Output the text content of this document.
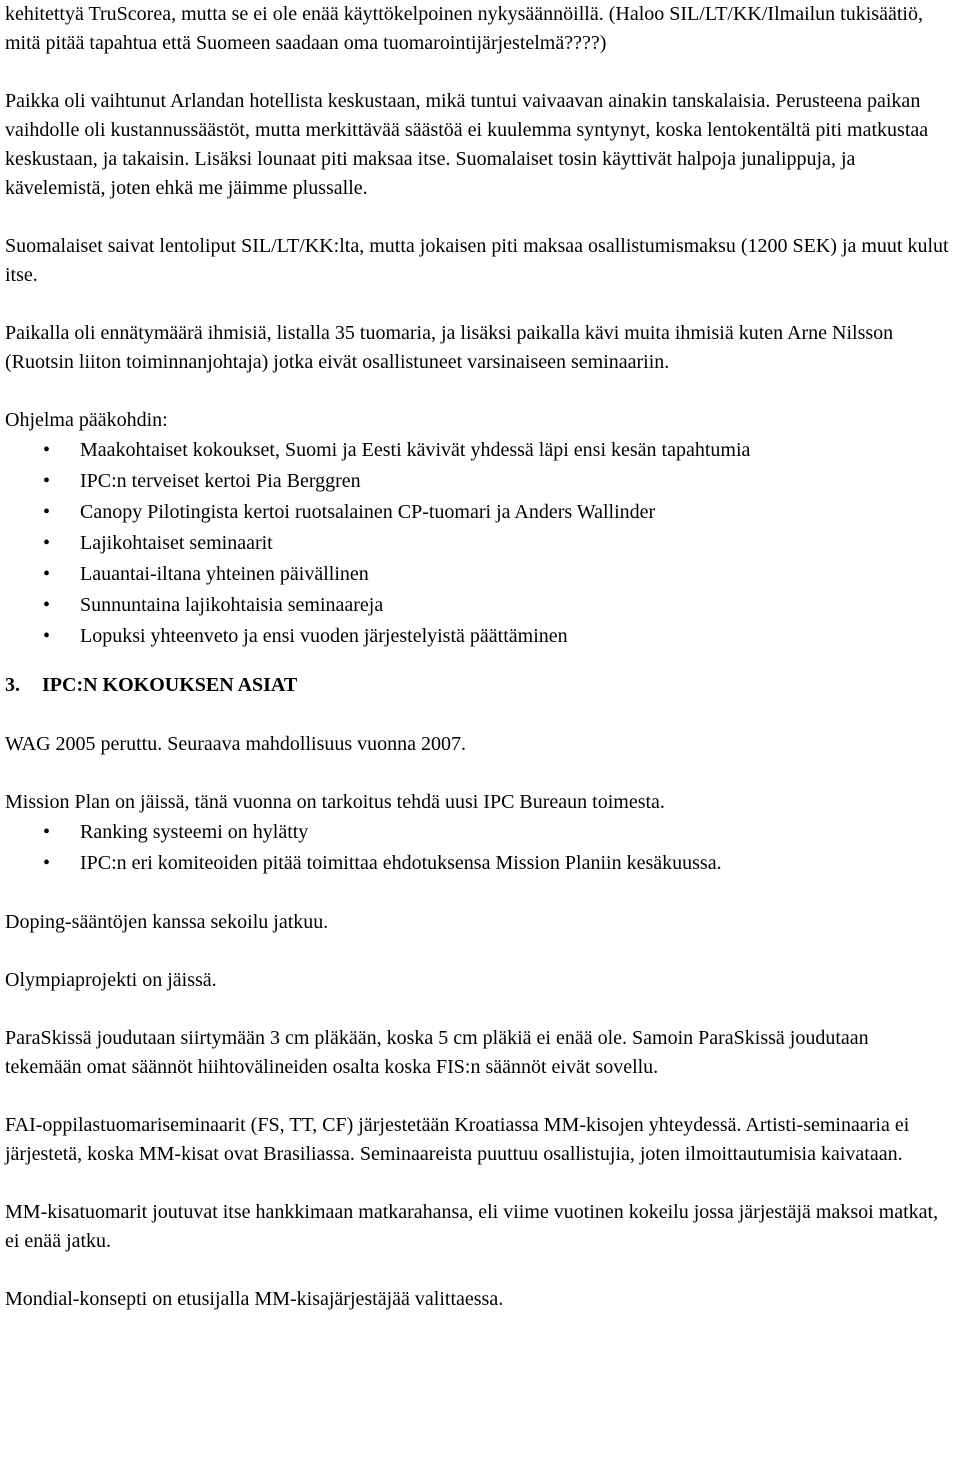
kehitettyä TruScorea, mutta se ei ole enää käyttökelpoinen nykysäännöillä. (Haloo SIL/LT/KK/Ilmailun tukisäätiö, mitä pitää tapahtua että Suomeen saadaan oma tuomarointijärjestelmä????)

Paikka oli vaihtunut Arlandan hotellista keskustaan, mikä tuntui vaivaavan ainakin tanskalaisia. Perusteena paikan vaihdolle oli kustannussäästöt, mutta merkittävää säästöä ei kuulemma syntynyt, koska lentokentältä piti matkustaa keskustaan, ja takaisin. Lisäksi lounaat piti maksaa itse. Suomalaiset tosin käyttivät halpoja junalippuja, ja kävelemistä, joten ehkä me jäimme plussalle.

Suomalaiset saivat lentoliput SIL/LT/KK:lta, mutta jokaisen piti maksaa osallistumismaksu (1200 SEK) ja muut kulut itse.

Paikalla oli ennätymäärä ihmisiä, listalla 35 tuomaria, ja lisäksi paikalla kävi muita ihmisiä kuten Arne Nilsson (Ruotsin liiton toiminnanjohtaja) jotka eivät osallistuneet varsinaiseen seminaariin.

Ohjelma pääkohdin:

• Maakohtaiset kokoukset, Suomi ja Eesti kävivät yhdessä läpi ensi kesän tapahtumia
• IPC:n terveiset kertoi Pia Berggren
• Canopy Pilotingista kertoi ruotsalainen CP-tuomari ja Anders Wallinder
• Lajikohtaiset seminaarit
• Lauantai-iltana yhteinen päivällinen
• Sunnuntaina lajikohtaisia seminaareja
• Lopuksi yhteenveto ja ensi vuoden järjestelyistä päättäminen
3. IPC:N KOKOUKSEN ASIAT

WAG 2005 peruttu. Seuraava mahdollisuus vuonna 2007.

Mission Plan on jäissä, tänä vuonna on tarkoitus tehdä uusi IPC Bureaun toimesta.

• Ranking systeemi on hylätty
• IPC:n eri komiteoiden pitää toimittaa ehdotuksensa Mission Planiin kesäkuussa.

Doping-sääntöjen kanssa sekoilu jatkuu.

Olympiaprojekti on jäissä.

ParaSkissä joudutaan siirtymään 3 cm pläkään, koska 5 cm pläkiä ei enää ole. Samoin ParaSkissä joudutaan tekemään omat säännöt hiihtovälineiden osalta koska FIS:n säännöt eivät sovellu.

FAI-oppilastuomariseminaarit (FS, TT, CF) järjestetään Kroatiassa MM-kisojen yhteydessä. Artisti-seminaaria ei järjestetä, koska MM-kisat ovat Brasiliassa. Seminaareista puuttuu osallistujia, joten ilmoittautumisia kaivataan.

MM-kisatuomarit joutuvat itse hankkimaan matkarahansa, eli viime vuotinen kokeilu jossa järjestäjä maksoi matkat, ei enää jatku.

Mondial-konsepti on etusijalla MM-kisajärjestäjää valittaessa.
